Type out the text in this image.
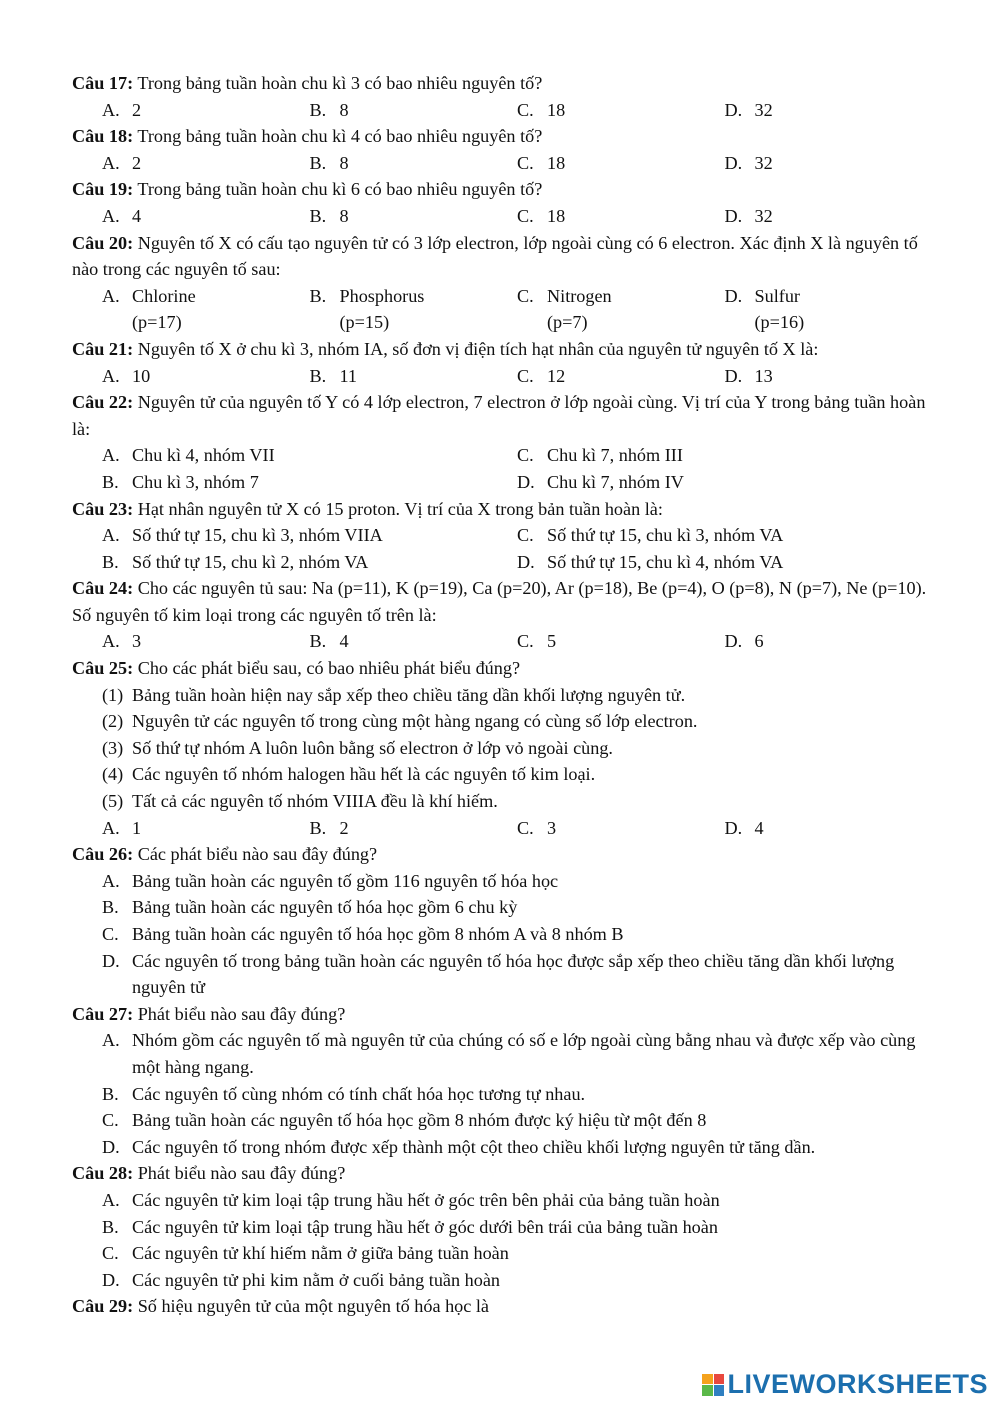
Câu 17: Trong bảng tuần hoàn chu kì 3 có bao nhiêu nguyên tố?

A. 2	B. 8	C. 18	D. 32

Câu 18: Trong bảng tuần hoàn chu kì 4 có bao nhiêu nguyên tố?

A. 2	B. 8	C. 18	D. 32

Câu 19: Trong bảng tuần hoàn chu kì 6 có bao nhiêu nguyên tố?

A. 4	B. 8	C. 18	D. 32

Câu 20: Nguyên tố X có cấu tạo nguyên tử có 3 lớp electron, lớp ngoài cùng có 6 electron. Xác định X là nguyên tố nào trong các nguyên tố sau:

A. Chlorine
(p=17)
B. Phosphorus
(p=15)
C. Nitrogen
(p=7)
D. Sulfur
(p=16)

Câu 21: Nguyên tố X ở chu kì 3, nhóm IA, số đơn vị điện tích hạt nhân của nguyên tử nguyên tố X là:

A. 10	B. 11	C. 12	D. 13

Câu 22: Nguyên tử của nguyên tố Y có 4 lớp electron, 7 electron ở lớp ngoài cùng. Vị trí của Y trong bảng tuần hoàn là:

A. Chu kì 4, nhóm VII	C. Chu kì 7, nhóm III
B. Chu kì 3, nhóm 7	D. Chu kì 7, nhóm IV

Câu 23: Hạt nhân nguyên tử X có 15 proton. Vị trí của X trong bản tuần hoàn là:

A. Số thứ tự 15, chu kì 3, nhóm VIIA	C. Số thứ tự 15, chu kì 3, nhóm VA
B. Số thứ tự 15, chu kì 2, nhóm VA	D. Số thứ tự 15, chu kì 4, nhóm VA

Câu 24: Cho các nguyên tủ sau: Na (p=11), K (p=19), Ca (p=20), Ar (p=18), Be (p=4), O (p=8), N (p=7), Ne (p=10). Số nguyên tố kim loại trong các nguyên tố trên là:

A. 3	B. 4	C. 5	D. 6

Câu 25: Cho các phát biểu sau, có bao nhiêu phát biểu đúng?

(1) Bảng tuần hoàn hiện nay sắp xếp theo chiều tăng dần khối lượng nguyên tử.
(2) Nguyên tử các nguyên tố trong cùng một hàng ngang có cùng số lớp electron.
(3) Số thứ tự nhóm A luôn luôn bằng số electron ở lớp vỏ ngoài cùng.
(4) Các nguyên tố nhóm halogen hầu hết là các nguyên tố kim loại.
(5) Tất cả các nguyên tố nhóm VIIIA đều là khí hiếm.
A. 1	B. 2	C. 3	D. 4

Câu 26: Các phát biểu nào sau đây đúng?

A. Bảng tuần hoàn các nguyên tố gồm 116 nguyên tố hóa học
B. Bảng tuần hoàn các nguyên tố hóa học gồm 6 chu kỳ
C. Bảng tuần hoàn các nguyên tố hóa học gồm 8 nhóm A và 8 nhóm B
D. Các nguyên tố trong bảng tuần hoàn các nguyên tố hóa học được sắp xếp theo chiều tăng dần khối lượng nguyên tử

Câu 27: Phát biểu nào sau đây đúng?

A. Nhóm gồm các nguyên tố mà nguyên tử của chúng có số e lớp ngoài cùng bằng nhau và được xếp vào cùng một hàng ngang.
B. Các nguyên tố cùng nhóm có tính chất hóa học tương tự nhau.
C. Bảng tuần hoàn các nguyên tố hóa học gồm 8 nhóm được ký hiệu từ một đến 8
D. Các nguyên tố trong nhóm được xếp thành một cột theo chiều khối lượng nguyên tử tăng dần.

Câu 28: Phát biểu nào sau đây đúng?

A. Các nguyên tử kim loại tập trung hầu hết ở góc trên bên phải của bảng tuần hoàn
B. Các nguyên tử kim loại tập trung hầu hết ở góc dưới bên trái của bảng tuần hoàn
C. Các nguyên tử khí hiếm nằm ở giữa bảng tuần hoàn
D. Các nguyên tử phi kim nằm ở cuối bảng tuần hoàn

Câu 29: Số hiệu nguyên tử của một nguyên tố hóa học là

LIVEWORKSHEETS
